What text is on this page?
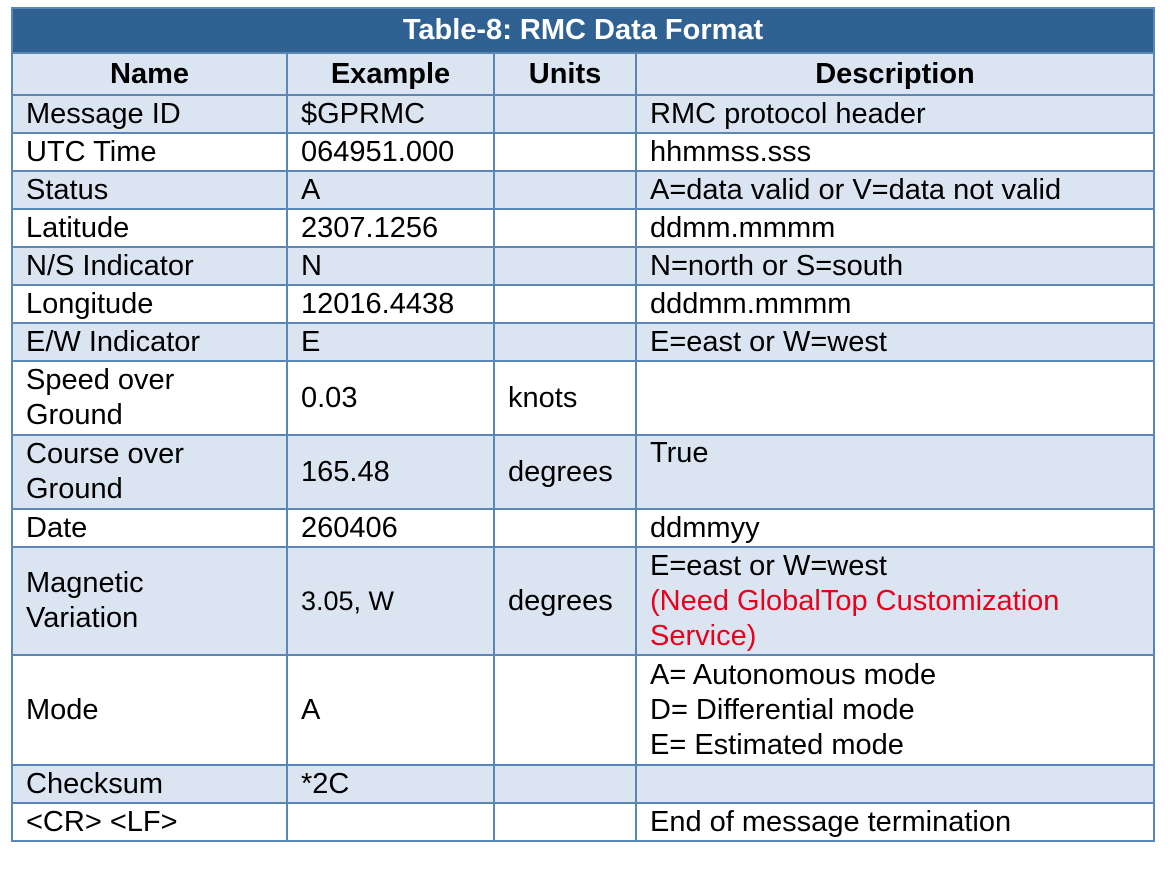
Table-8: RMC Data Format			
Name	Example	Units	Description
Message ID	$GPRMC		RMC protocol header

UTC Time	064951.000		hhmmss.sss

Status	A		A=data valid or V=data not valid

Latitude	2307.1256		ddmm.mmmm

N/S Indicator	N		N=north or S=south

Longitude	12016.4438		dddmm.mmmm

E/W Indicator	E		E=east or W=west

Speed over
Ground	0.03	knots	

Course over
Ground	165.48	degrees	True

Date	260406		ddmmyy

Magnetic
Variation	3.05, W	degrees	E=east or W=west
(Need GlobalTop Customization
Service)

Mode	A		A= Autonomous mode
D= Differential mode
E= Estimated mode

Checksum	*2C		
<CR> <LF>			End of message termination
